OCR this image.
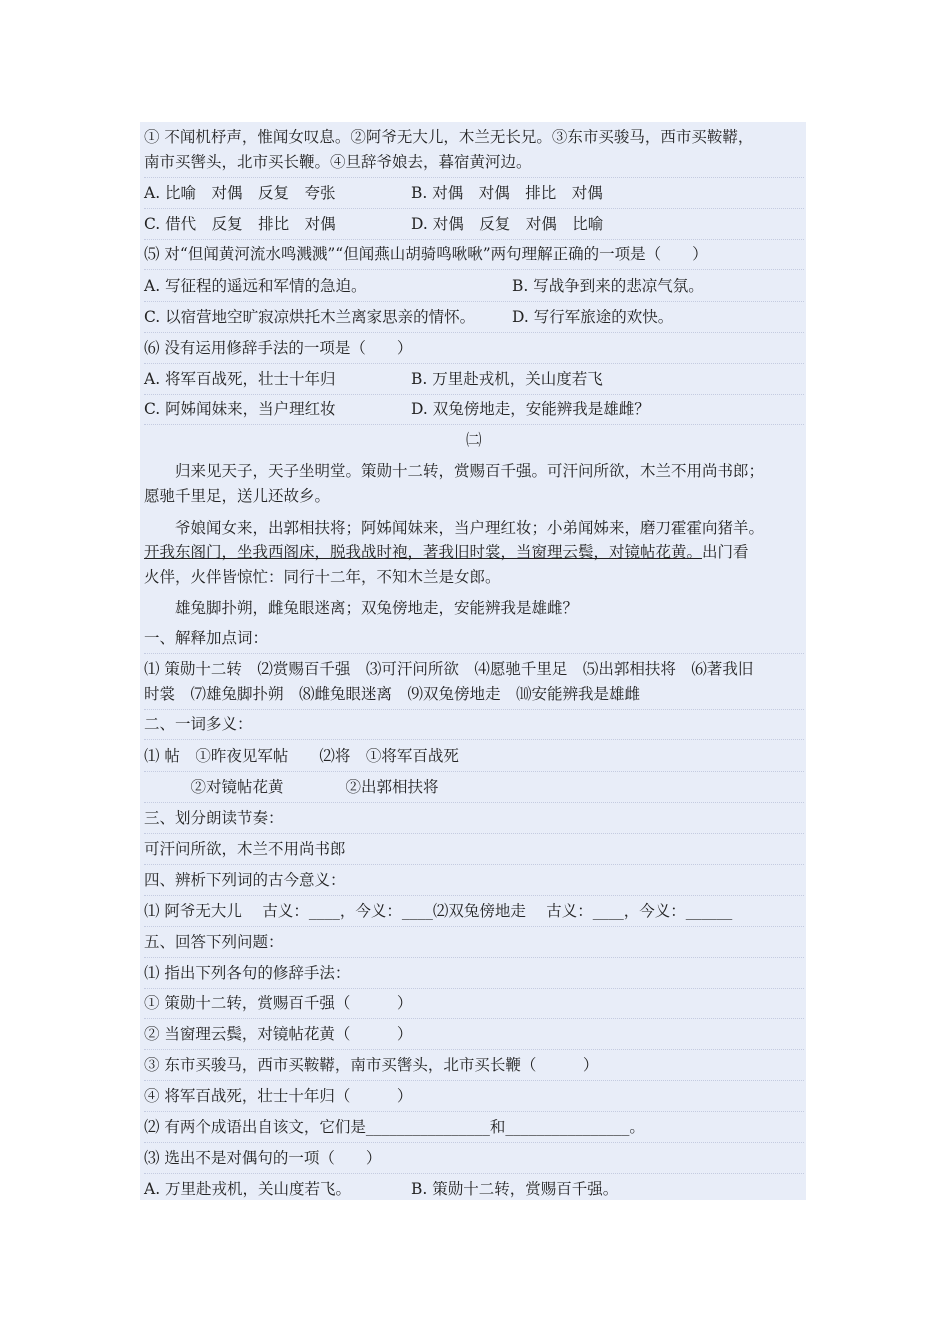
① 不闻机杼声，惟闻女叹息。②阿爷无大儿，木兰无长兄。③东市买骏马，西市买鞍鞯，
南市买辔头，北市买长鞭。④旦辞爷娘去，暮宿黄河边。
A. 比喻　对偶　反复　夸张	B. 对偶　对偶　排比　对偶
C. 借代　反复　排比　对偶	D. 对偶　反复　对偶　比喻
⑸ 对“但闻黄河流水鸣溅溅”“但闻燕山胡骑鸣啾啾”两句理解正确的一项是（　　）
A. 写征程的遥远和军情的急迫。	B. 写战争到来的悲凉气氛。
C. 以宿营地空旷寂凉烘托木兰离家思亲的情怀。 D. 写行军旅途的欢快。
⑹ 没有运用修辞手法的一项是（　　）
A. 将军百战死，壮士十年归	B. 万里赴戎机，关山度若飞
C. 阿姊闻妹来，当户理红妆	D. 双兔傍地走，安能辨我是雄雌？
㈡
　　归来见天子，天子坐明堂。策勋十二转，赏赐百千强。可汗问所欲，木兰不用尚书郎；
愿驰千里足，送儿还故乡。
　　爷娘闻女来，出郭相扶将；阿姊闻妹来，当户理红妆；小弟闻姊来，磨刀霍霍向猪羊。
开我东阁门，坐我西阁床，脱我战时袍，著我旧时裳，当窗理云鬓，对镜帖花黄。出门看
火伴，火伴皆惊忙：同行十二年，不知木兰是女郎。
　　雄兔脚扑朔，雌兔眼迷离；双兔傍地走，安能辨我是雄雌？
一、解释加点词：
⑴ 策勋十二转　⑵赏赐百千强　⑶可汗问所欲　⑷愿驰千里足　⑸出郭相扶将　⑹著我旧
时裳　⑺雄兔脚扑朔　⑻雌兔眼迷离　⑼双兔傍地走　⑽安能辨我是雄雌
二、一词多义：
⑴ 帖　①昨夜见军帖　　⑵将　①将军百战死
　　　②对镜帖花黄　　　　②出郭相扶将
三、划分朗读节奏：
可汗问所欲，木兰不用尚书郎
四、辨析下列词的古今意义：
⑴ 阿爷无大儿　 古义：____，今义：____⑵双兔傍地走　 古义：____，今义：______
五、回答下列问题：
⑴ 指出下列各句的修辞手法：
① 策勋十二转，赏赐百千强（　　　）
② 当窗理云鬓，对镜帖花黄（　　　）
③ 东市买骏马，西市买鞍鞯，南市买辔头，北市买长鞭（　　　）
④ 将军百战死，壮士十年归（　　　）
⑵ 有两个成语出自该文，它们是________________和________________。
⑶ 选出不是对偶句的一项（　　）
A. 万里赴戎机，关山度若飞。	B. 策勋十二转，赏赐百千强。
